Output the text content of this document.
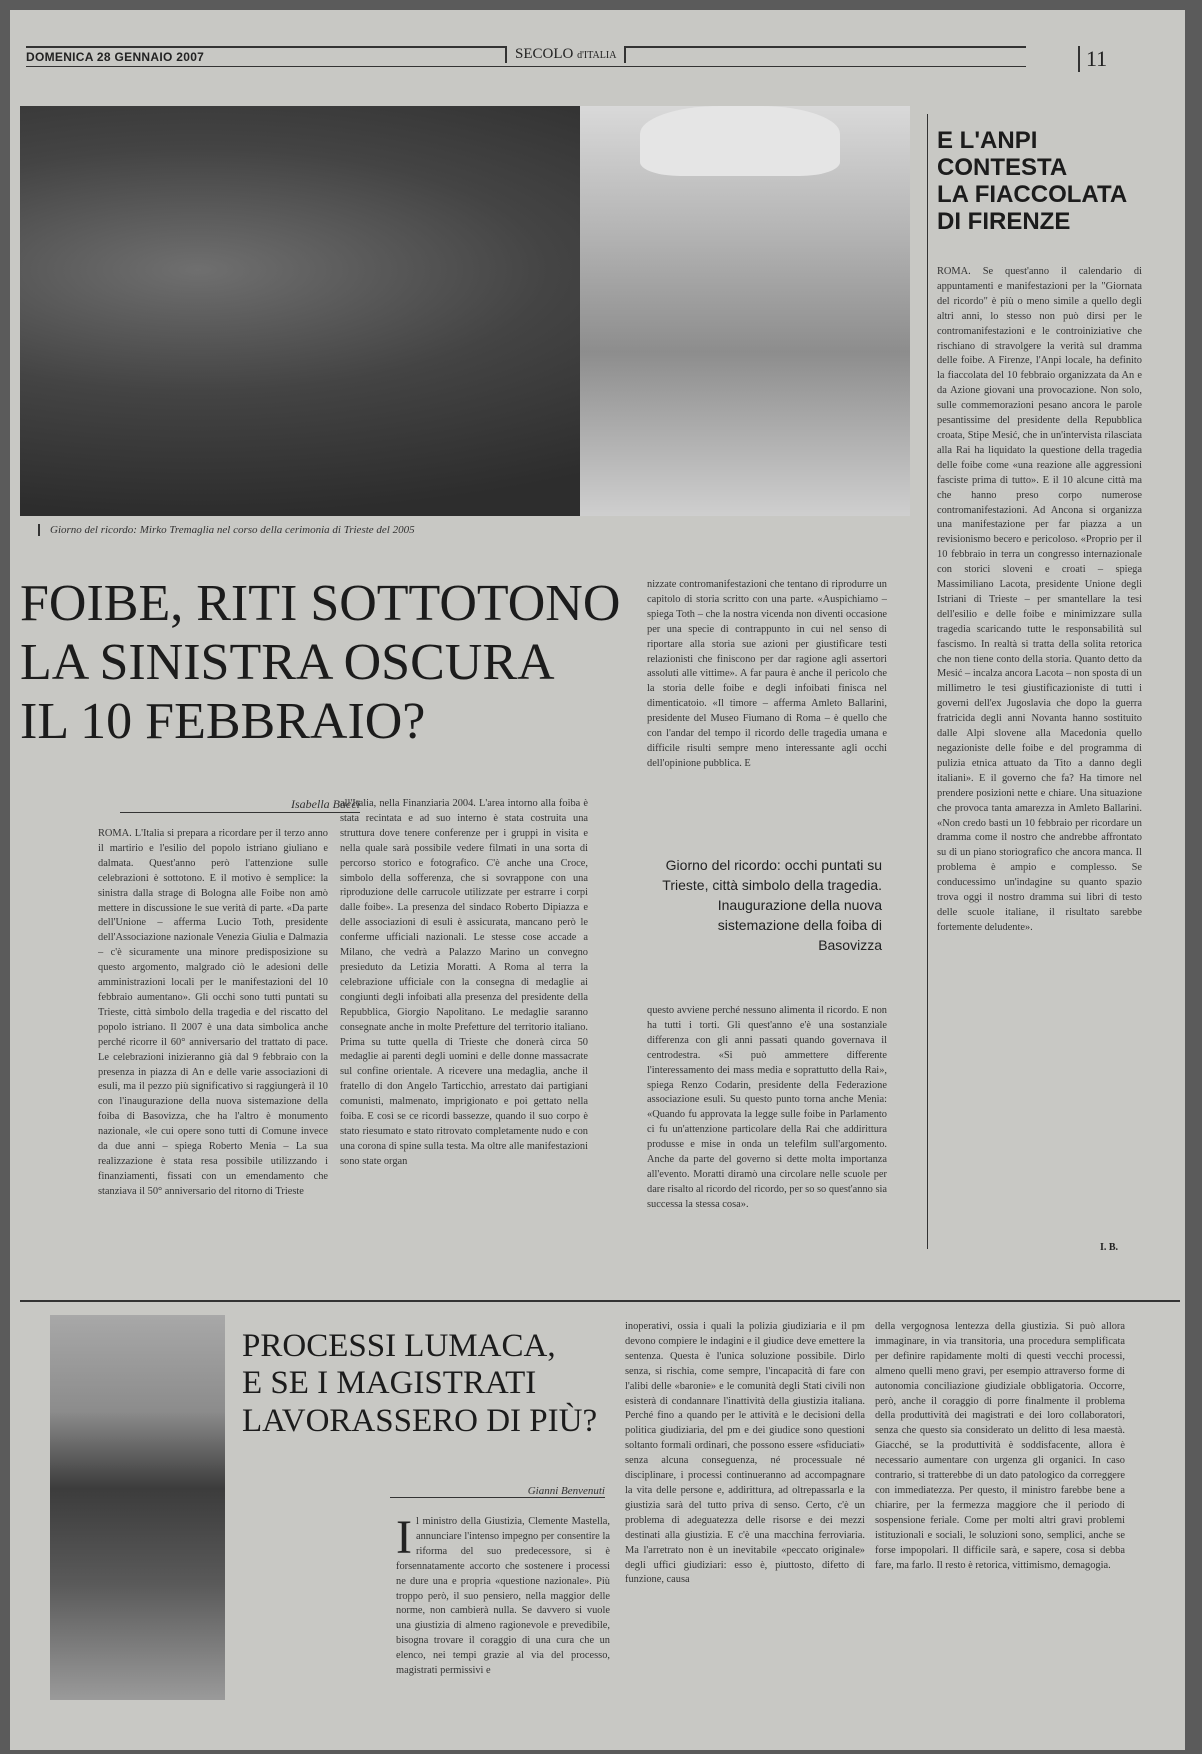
DOMENICA 28 GENNAIO 2007	SECOLO d'ITALIA	11
Giorno del ricordo: Mirko Tremaglia nel corso della cerimonia di Trieste del 2005
FOIBE, RITI SOTTOTONO
LA SINISTRA OSCURA
IL 10 FEBBRAIO?
Isabella Bacci
ROMA. L'Italia si prepara a ricordare per il terzo anno il martirio e l'esilio del popolo istriano giuliano e dalmata. Quest'anno però l'attenzione sulle celebrazioni è sottotono. E il motivo è semplice: la sinistra dalla strage di Bologna alle Foibe non amò mettere in discussione le sue verità di parte. «Da parte dell'Unione – afferma Lucio Toth, presidente dell'Associazione nazionale Venezia Giulia e Dalmazia – c'è sicuramente una minore predisposizione su questo argomento, malgrado ciò le adesioni delle amministrazioni locali per le manifestazioni del 10 febbraio aumentano». Gli occhi sono tutti puntati su Trieste, città simbolo della tragedia e del riscatto del popolo istriano. Il 2007 è una data simbolica anche perché ricorre il 60° anniversario del trattato di pace. Le celebrazioni inizieranno già dal 9 febbraio con la presenza in piazza di An e delle varie associazioni di esuli, ma il pezzo più significativo si raggiungerà il 10 con l'inaugurazione della nuova sistemazione della foiba di Basovizza, che ha l'altro è monumento nazionale, «le cui opere sono tutti di Comune invece da due anni – spiega Roberto Menia – La sua realizzazione è stata resa possibile utilizzando i finanziamenti, fissati con un emendamento che stanziava il 50° anniversario del ritorno di Trieste
all'Italia, nella Finanziaria 2004. L'area intorno alla foiba è stata recintata e ad suo interno è stata costruita una struttura dove tenere conferenze per i gruppi in visita e nella quale sarà possibile vedere filmati in una sorta di percorso storico e fotografico. C'è anche una Croce, simbolo della sofferenza, che si sovrappone con una riproduzione delle carrucole utilizzate per estrarre i corpi dalle foibe». La presenza del sindaco Roberto Dipiazza e delle associazioni di esuli è assicurata, mancano però le conferme ufficiali nazionali. Le stesse cose accade a Milano, che vedrà a Palazzo Marino un convegno presieduto da Letizia Moratti. A Roma al terra la celebrazione ufficiale con la consegna di medaglie ai congiunti degli infoibati alla presenza del presidente della Repubblica, Giorgio Napolitano. Le medaglie saranno consegnate anche in molte Prefetture del territorio italiano. Prima su tutte quella di Trieste che donerà circa 50 medaglie ai parenti degli uomini e delle donne massacrate sul confine orientale. A ricevere una medaglia, anche il fratello di don Angelo Tarticchio, arrestato dai partigiani comunisti, malmenato, imprigionato e poi gettato nella foiba. E così se ce ricordi bassezze, quando il suo corpo è stato riesumato e stato ritrovato completamente nudo e con una corona di spine sulla testa. Ma oltre alle manifestazioni sono state organ
nizzate contromanifestazioni che tentano di riprodurre un capitolo di storia scritto con una parte. «Auspichiamo – spiega Toth – che la nostra vicenda non diventi occasione per una specie di contrappunto in cui nel senso di riportare alla storia sue azioni per giustificare testi relazionisti che finiscono per dar ragione agli assertori assoluti alle vittime». A far paura è anche il pericolo che la storia delle foibe e degli infoibati finisca nel dimenticatoio. «Il timore – afferma Amleto Ballarini, presidente del Museo Fiumano di Roma – è quello che con l'andar del tempo il ricordo delle tragedia umana e difficile risulti sempre meno interessante agli occhi dell'opinione pubblica. E
Giorno del ricordo: occhi puntati su Trieste, città simbolo della tragedia. Inaugurazione della nuova sistemazione della foiba di Basovizza
questo avviene perché nessuno alimenta il ricordo. E non ha tutti i torti. Gli quest'anno e'è una sostanziale differenza con gli anni passati quando governava il centrodestra. «Si può ammettere differente l'interessamento dei mass media e soprattutto della Rai», spiega Renzo Codarin, presidente della Federazione associazione esuli. Su questo punto torna anche Menia: «Quando fu approvata la legge sulle foibe in Parlamento ci fu un'attenzione particolare della Rai che addirittura produsse e mise in onda un telefilm sull'argomento. Anche da parte del governo si dette molta importanza all'evento. Moratti diramò una circolare nelle scuole per dare risalto al ricordo del ricordo, per so so quest'anno sia successa la stessa cosa».
E L'ANPI
CONTESTA
LA FIACCOLATA
DI FIRENZE
ROMA. Se quest'anno il calendario di appuntamenti e manifestazioni per la "Giornata del ricordo" è più o meno simile a quello degli altri anni, lo stesso non può dirsi per le contromanifestazioni e le controiniziative che rischiano di stravolgere la verità sul dramma delle foibe. A Firenze, l'Anpi locale, ha definito la fiaccolata del 10 febbraio organizzata da An e da Azione giovani una provocazione. Non solo, sulle commemorazioni pesano ancora le parole pesantissime del presidente della Repubblica croata, Stipe Mesić, che in un'intervista rilasciata alla Rai ha liquidato la questione della tragedia delle foibe come «una reazione alle aggressioni fasciste prima di tutto». E il 10 alcune città ma che hanno preso corpo numerose contromanifestazioni. Ad Ancona si organizza una manifestazione per far piazza a un revisionismo becero e pericoloso. «Proprio per il 10 febbraio in terra un congresso internazionale con storici sloveni e croati – spiega Massimiliano Lacota, presidente Unione degli Istriani di Trieste – per smantellare la tesi dell'esilio e delle foibe e minimizzare sulla tragedia scaricando tutte le responsabilità sul fascismo. In realtà si tratta della solita retorica che non tiene conto della storia. Quanto detto da Mesić – incalza ancora Lacota – non sposta di un millimetro le tesi giustificazioniste di tutti i governi dell'ex Jugoslavia che dopo la guerra fratricida degli anni Novanta hanno sostituito dalle Alpi slovene alla Macedonia quello negazioniste delle foibe e del programma di pulizia etnica attuato da Tito a danno degli italiani». E il governo che fa? Ha timore nel prendere posizioni nette e chiare. Una situazione che provoca tanta amarezza in Amleto Ballarini. «Non credo basti un 10 febbraio per ricordare un dramma come il nostro che andrebbe affrontato su di un piano storiografico che ancora manca. Il problema è ampio e complesso. Se conducessimo un'indagine su quanto spazio trova oggi il nostro dramma sui libri di testo delle scuole italiane, il risultato sarebbe fortemente deludente».
I. B.
PROCESSI LUMACA,
E SE I MAGISTRATI
LAVORASSERO DI PIÙ?
Gianni Benvenuti
I l ministro della Giustizia, Clemente Mastella, annunciare l'intenso impegno per consentire la riforma del suo predecessore, si è forsennatamente accorto che sostenere i processi ne dure una e propria «questione nazionale». Più troppo però, il suo pensiero, nella maggior delle norme, non cambierà nulla. Se davvero si vuole una giustizia di almeno ragionevole e prevedibile, bisogna trovare il coraggio di una cura che un elenco, nei tempi grazie al via del processo, magistrati permissivi e
inoperativi, ossia i quali la polizia giudiziaria e il pm devono compiere le indagini e il giudice deve emettere la sentenza. Questa è l'unica soluzione possibile. Dirlo senza, si rischia, come sempre, l'incapacità di fare con l'alibi delle «baronie» e le comunità degli Stati civili non esisterà di condannare l'inattività della giustizia italiana. Perché fino a quando per le attività e le decisioni della politica giudiziaria, del pm e dei giudice sono questioni soltanto formali ordinari, che possono essere «sfiduciati» senza alcuna conseguenza, né processuale né disciplinare, i processi continueranno ad accompagnare la vita delle persone e, addirittura, ad oltrepassarla e la giustizia sarà del tutto priva di senso. Certo, c'è un problema di adeguatezza delle risorse e dei mezzi destinati alla giustizia. E c'è una macchina ferroviaria. Ma l'arretrato non è un inevitabile «peccato originale» degli uffici giudiziari: esso è, piuttosto, difetto di funzione, causa
della vergognosa lentezza della giustizia. Si può allora immaginare, in via transitoria, una procedura semplificata per definire rapidamente molti di questi vecchi processi, almeno quelli meno gravi, per esempio attraverso forme di autonomia conciliazione giudiziale obbligatoria. Occorre, però, anche il coraggio di porre finalmente il problema della produttività dei magistrati e dei loro collaboratori, senza che questo sia considerato un delitto di lesa maestà. Giacché, se la produttività è soddisfacente, allora è necessario aumentare con urgenza gli organici. In caso contrario, si tratterebbe di un dato patologico da correggere con immediatezza. Per questo, il ministro farebbe bene a chiarire, per la fermezza maggiore che il periodo di sospensione feriale. Come per molti altri gravi problemi istituzionali e sociali, le soluzioni sono, semplici, anche se forse impopolari. Il difficile sarà, e sapere, cosa si debba fare, ma farlo. Il resto è retorica, vittimismo, demagogia.
